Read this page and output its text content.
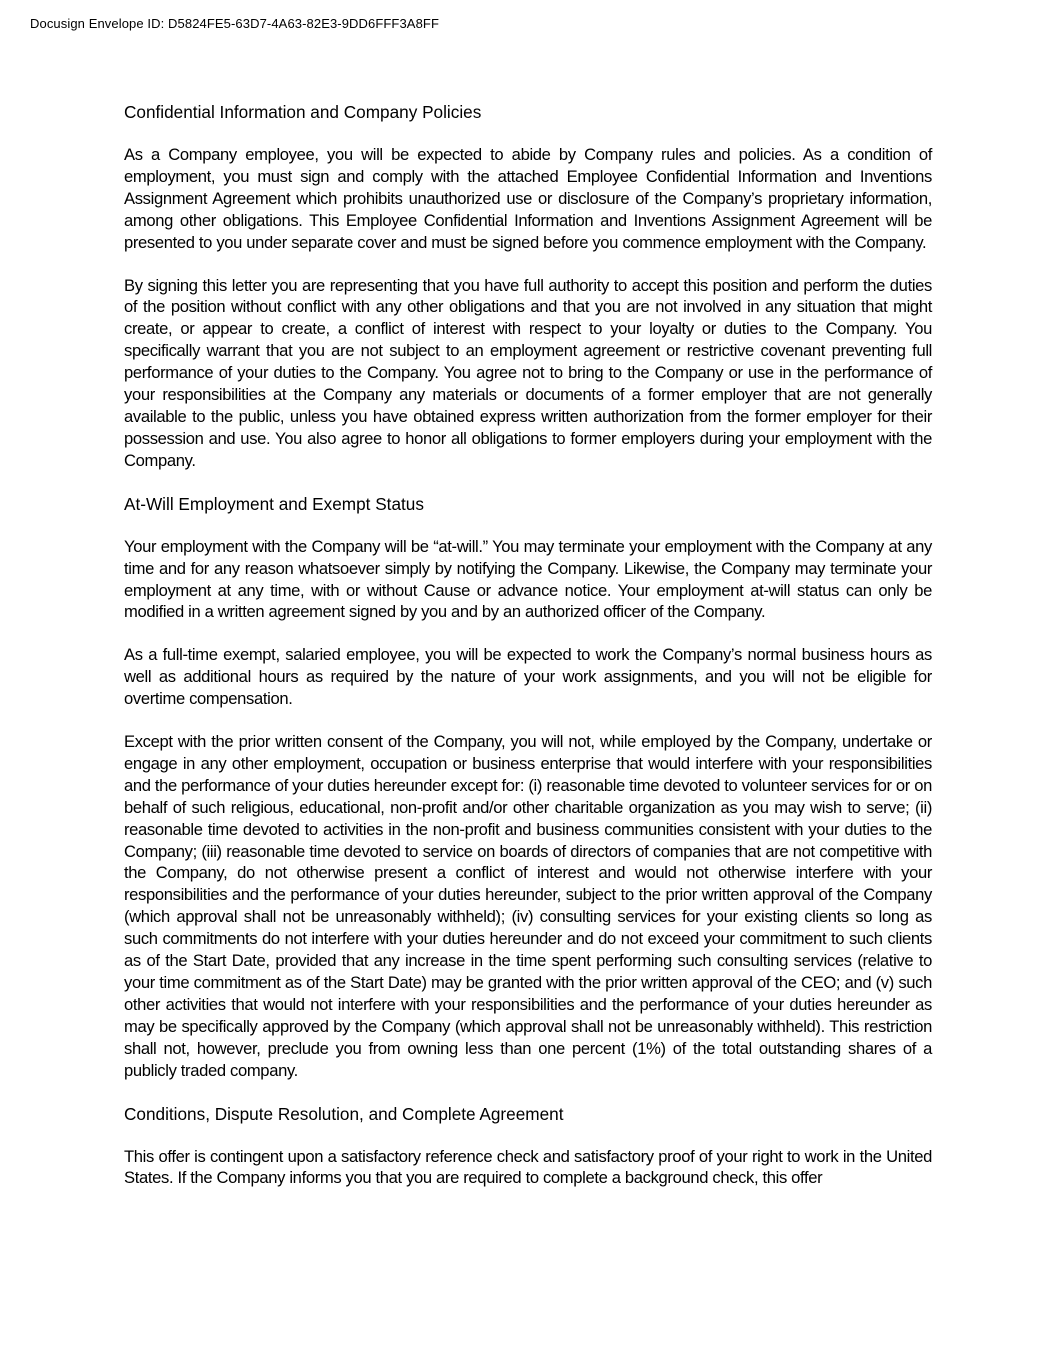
Docusign Envelope ID: D5824FE5-63D7-4A63-82E3-9DD6FFF3A8FF
Confidential Information and Company Policies

As a Company employee, you will be expected to abide by Company rules and policies. As a condition of employment, you must sign and comply with the attached Employee Confidential Information and Inventions Assignment Agreement which prohibits unauthorized use or disclosure of the Company’s proprietary information, among other obligations. This Employee Confidential Information and Inventions Assignment Agreement will be presented to you under separate cover and must be signed before you commence employment with the Company.

By signing this letter you are representing that you have full authority to accept this position and perform the duties of the position without conflict with any other obligations and that you are not involved in any situation that might create, or appear to create, a conflict of interest with respect to your loyalty or duties to the Company. You specifically warrant that you are not subject to an employment agreement or restrictive covenant preventing full performance of your duties to the Company. You agree not to bring to the Company or use in the performance of your responsibilities at the Company any materials or documents of a former employer that are not generally available to the public, unless you have obtained express written authorization from the former employer for their possession and use. You also agree to honor all obligations to former employers during your employment with the Company.

At-Will Employment and Exempt Status

Your employment with the Company will be “at-will.” You may terminate your employment with the Company at any time and for any reason whatsoever simply by notifying the Company. Likewise, the Company may terminate your employment at any time, with or without Cause or advance notice. Your employment at-will status can only be modified in a written agreement signed by you and by an authorized officer of the Company.

As a full-time exempt, salaried employee, you will be expected to work the Company’s normal business hours as well as additional hours as required by the nature of your work assignments, and you will not be eligible for overtime compensation.

Except with the prior written consent of the Company, you will not, while employed by the Company, undertake or engage in any other employment, occupation or business enterprise that would interfere with your responsibilities and the performance of your duties hereunder except for: (i) reasonable time devoted to volunteer services for or on behalf of such religious, educational, non-profit and/or other charitable organization as you may wish to serve; (ii) reasonable time devoted to activities in the non-profit and business communities consistent with your duties to the Company; (iii) reasonable time devoted to service on boards of directors of companies that are not competitive with the Company, do not otherwise present a conflict of interest and would not otherwise interfere with your responsibilities and the performance of your duties hereunder, subject to the prior written approval of the Company (which approval shall not be unreasonably withheld); (iv) consulting services for your existing clients so long as such commitments do not interfere with your duties hereunder and do not exceed your commitment to such clients as of the Start Date, provided that any increase in the time spent performing such consulting services (relative to your time commitment as of the Start Date) may be granted with the prior written approval of the CEO; and (v) such other activities that would not interfere with your responsibilities and the performance of your duties hereunder as may be specifically approved by the Company (which approval shall not be unreasonably withheld). This restriction shall not, however, preclude you from owning less than one percent (1%) of the total outstanding shares of a publicly traded company.

Conditions, Dispute Resolution, and Complete Agreement

This offer is contingent upon a satisfactory reference check and satisfactory proof of your right to work in the United States. If the Company informs you that you are required to complete a background check, this offer
